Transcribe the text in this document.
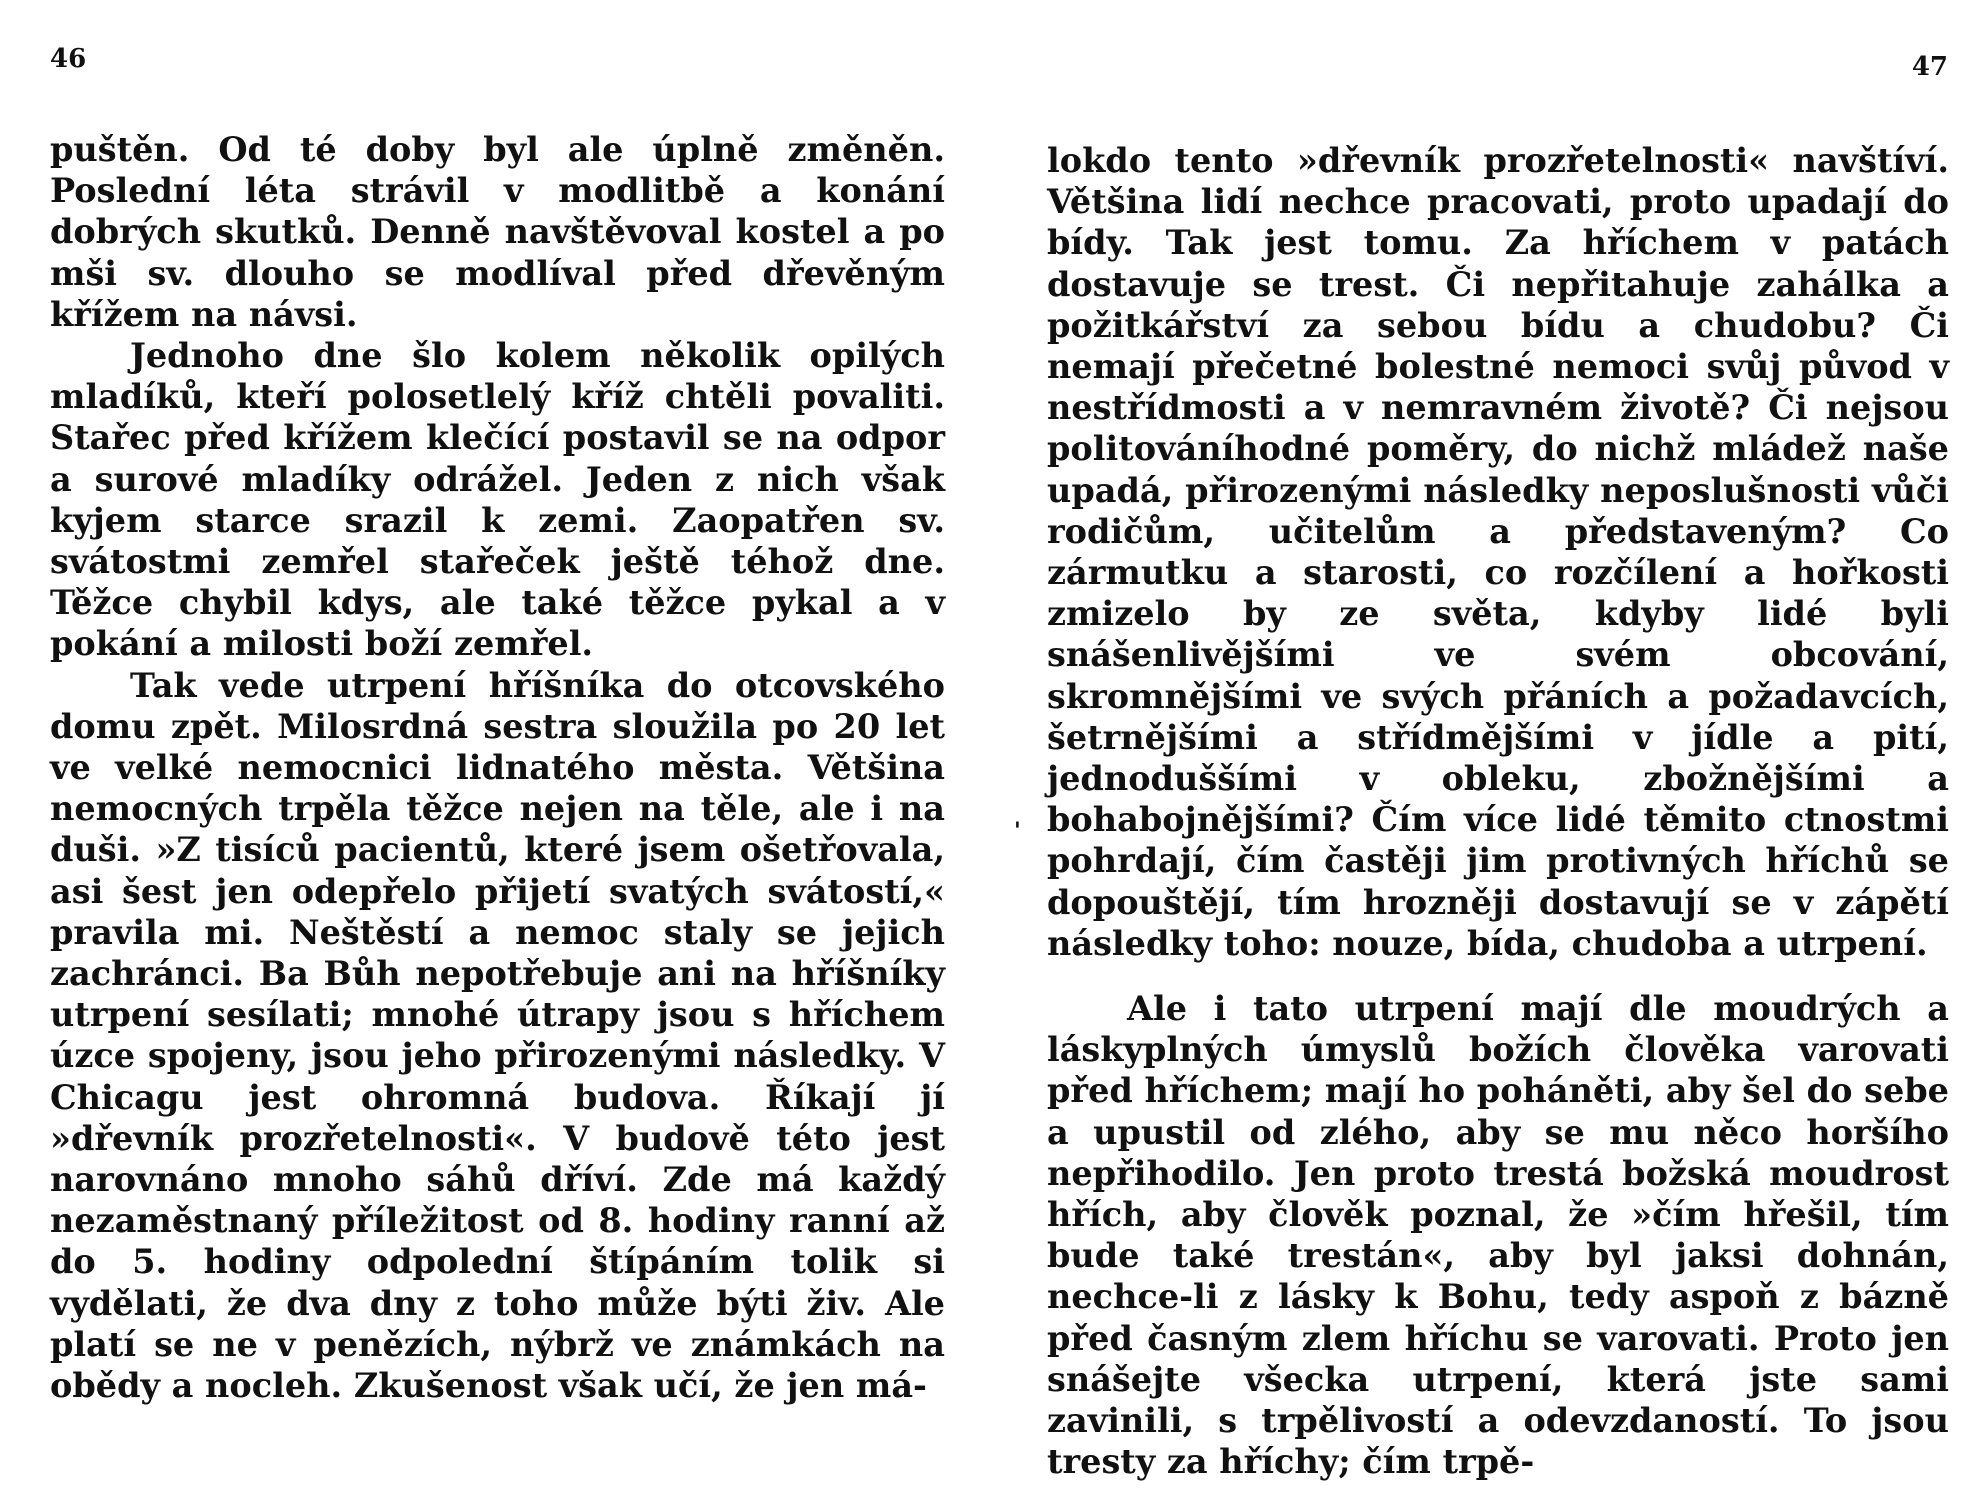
46	47

puštěn. Od té doby byl ale úplně změněn. Poslední léta strávil v modlitbě a konání dobrých skutků. Denně navštěvoval kostel a po mši sv. dlouho se modlíval před dřevěným křížem na návsi.

Jednoho dne šlo kolem několik opilých mladíků, kteří polosetlelý kříž chtěli povaliti. Stařec před křížem klečící postavil se na odpor a surové mladíky odrážel. Jeden z nich však kyjem starce srazil k zemi. Zaopatřen sv. svátostmi zemřel stařeček ještě téhož dne. Těžce chybil kdys, ale také těžce pykal a v pokání a milosti boží zemřel.

Tak vede utrpení hříšníka do otcovského domu zpět. Milosrdná sestra sloužila po 20 let ve velké nemocnici lidnatého města. Většina nemocných trpěla těžce nejen na těle, ale i na duši. »Z tisíců pacientů, které jsem ošetřovala, asi šest jen odepřelo přijetí svatých svátostí,« pravila mi. Neštěstí a nemoc staly se jejich zachránci. Ba Bůh nepotřebuje ani na hříšníky utrpení sesílati; mnohé útrapy jsou s hříchem úzce spojeny, jsou jeho přirozenými následky. V Chicagu jest ohromná budova. Říkají jí »dřevník prozřetelnosti«. V budově této jest narovnáno mnoho sáhů dříví. Zde má každý nezaměstnaný příležitost od 8. hodiny ranní až do 5. hodiny odpolední štípáním tolik si vydělati, že dva dny z toho může býti živ. Ale platí se ne v penězích, nýbrž ve známkách na obědy a nocleh. Zkušenost však učí, že jen má-

'

lokdo tento »dřevník prozřetelnosti« navštíví. Většina lidí nechce pracovati, proto upadají do bídy. Tak jest tomu. Za hříchem v patách dostavuje se trest. Či nepřitahuje zahálka a požitkářství za sebou bídu a chudobu? Či nemají přečetné bolestné nemoci svůj původ v nestřídmosti a v nemravném životě? Či nejsou politováníhodné poměry, do nichž mládež naše upadá, přirozenými následky neposlušnosti vůči rodičům, učitelům a představeným? Co zármutku a starosti, co rozčílení a hořkosti zmizelo by ze světa, kdyby lidé byli snášenlivějšími ve svém obcování, skromnějšími ve svých přáních a požadavcích, šetrnějšími a střídmějšími v jídle a pití, jednoduššími v obleku, zbožnějšími a bohabojnějšími? Čím více lidé těmito ctnostmi pohrdají, čím častěji jim protivných hříchů se dopouštějí, tím hrozněji dostavují se v zápětí následky toho: nouze, bída, chudoba a utrpení.

Ale i tato utrpení mají dle moudrých a láskyplných úmyslů božích člověka varovati před hříchem; mají ho poháněti, aby šel do sebe a upustil od zlého, aby se mu něco horšího nepřihodilo. Jen proto trestá božská moudrost hřích, aby člověk poznal, že »čím hřešil, tím bude také trestán«, aby byl jaksi dohnán, nechce-li z lásky k Bohu, tedy aspoň z bázně před časným zlem hříchu se varovati. Proto jen snášejte všecka utrpení, která jste sami zavinili, s trpělivostí a odevzdaností. To jsou tresty za hříchy; čím trpě-
